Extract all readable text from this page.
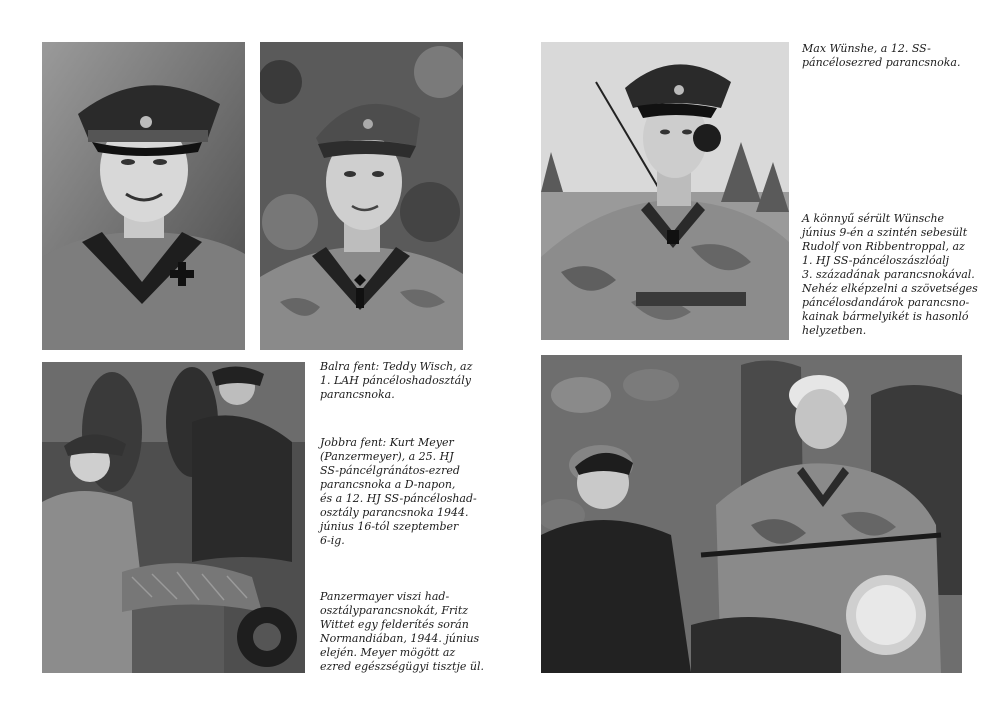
Max Wünshe, a 12. SS-
páncélosezred parancsnoka.

A könnyű sérült Wünsche
június 9-én a szintén sebesült
Rudolf von Ribbentroppal, az
1. HJ SS-páncéloszászlóalj
3. századának parancsnokával.
Nehéz elképzelni a szövetséges
páncélosdandárok parancsno-
kainak bármelyikét is hasonló
helyzetben.

Balra fent: Teddy Wisch, az
1. LAH páncéloshadosztály
parancsnoka.

Jobbra fent: Kurt Meyer
(Panzermeyer), a 25. HJ
SS-páncélgránátos-ezred
parancsnoka a D-napon,
és a 12. HJ SS-páncéloshad-
osztály parancsnoka 1944.
június 16-tól szeptember
6-ig.

Panzermayer viszi had-
osztályparancsnokát, Fritz
Wittet egy felderítés során
Normandiában, 1944. június
elején. Meyer mögött az
ezred egészségügyi tisztje ül.
